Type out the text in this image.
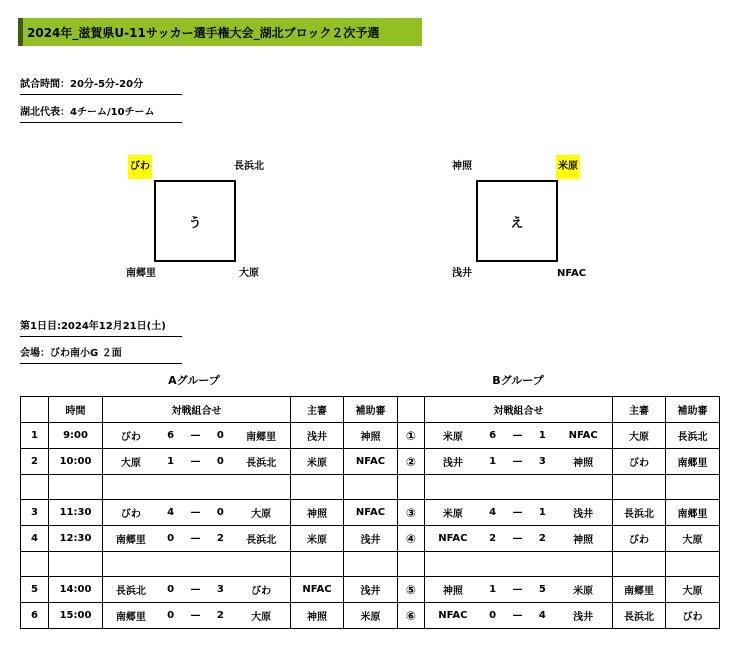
2024年_滋賀県U-11サッカー選手権大会_湖北ブロック２次予選
試合時間：20分-5分-20分
湖北代表：4チーム/10チーム
びわ	長浜北
う
南郷里	大原
神照	米原
え
浅井	NFAC
第1日目:2024年12月21日(土)
会場：びわ南小G ２面
Aグループ	Bグループ
	時間	対戦組合せ	主審	補助審		対戦組合せ	主審	補助審
1	9:00	びわ 6 — 0 南郷里	浅井	神照	①	米原 6 — 1 NFAC	大原	長浜北
2	10:00	大原 1 — 0 長浜北	米原	NFAC	②	浅井 1 — 3 神照	びわ	南郷里

3	11:30	びわ 4 — 0 大原	神照	NFAC	③	米原 4 — 1 浅井	長浜北	南郷里
4	12:30	南郷里 0 — 2 長浜北	米原	浅井	④	NFAC 2 — 2 神照	びわ	大原

5	14:00	長浜北 0 — 3 びわ	NFAC	浅井	⑤	神照 1 — 5 米原	南郷里	大原
6	15:00	南郷里 0 — 2 大原	神照	米原	⑥	NFAC 0 — 4 浅井	長浜北	びわ
